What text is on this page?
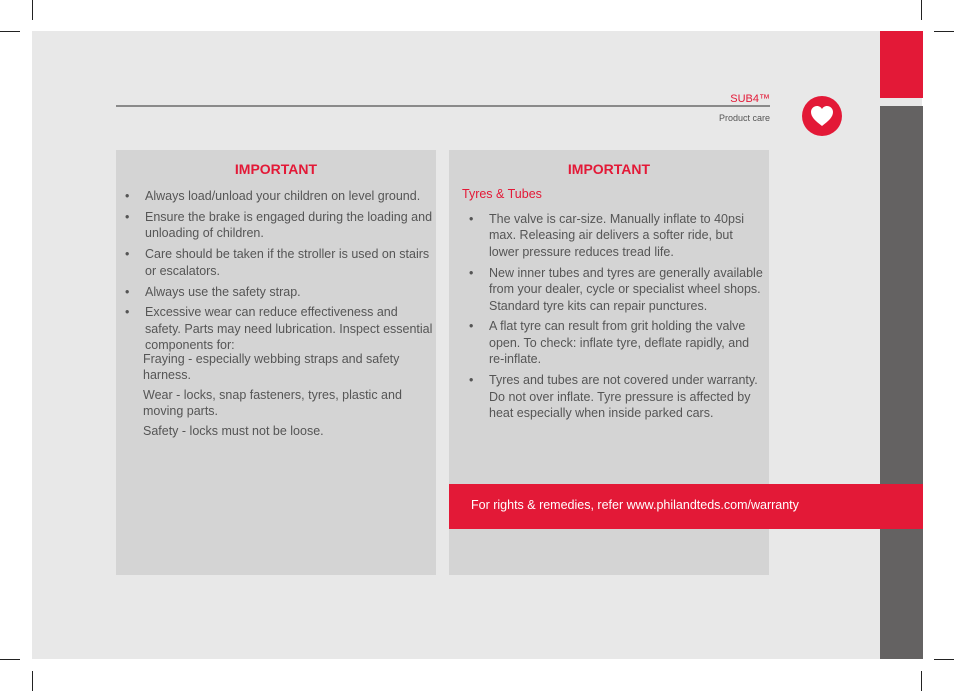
SUB4™
Product care
IMPORTANT
• Always load/unload your children on level ground.
• Ensure the brake is engaged during the loading and unloading of children.
• Care should be taken if the stroller is used on stairs or escalators.
• Always use the safety strap.
• Excessive wear can reduce effectiveness and safety. Parts may need lubrication. Inspect essential components for:

Fraying - especially webbing straps and safety harness.

Wear - locks, snap fasteners, tyres, plastic and moving parts.

Safety - locks must not be loose.

IMPORTANT
Tyres & Tubes
• The valve is car-size. Manually inflate to 40psi max. Releasing air delivers a softer ride, but lower pressure reduces tread life.
• New inner tubes and tyres are generally available from your dealer, cycle or specialist wheel shops. Standard tyre kits can repair punctures.
• A flat tyre can result from grit holding the valve open. To check: inflate tyre, deflate rapidly, and re-inflate.
• Tyres and tubes are not covered under warranty. Do not over inflate. Tyre pressure is affected by heat especially when inside parked cars.
For rights & remedies, refer www.philandteds.com/warranty
